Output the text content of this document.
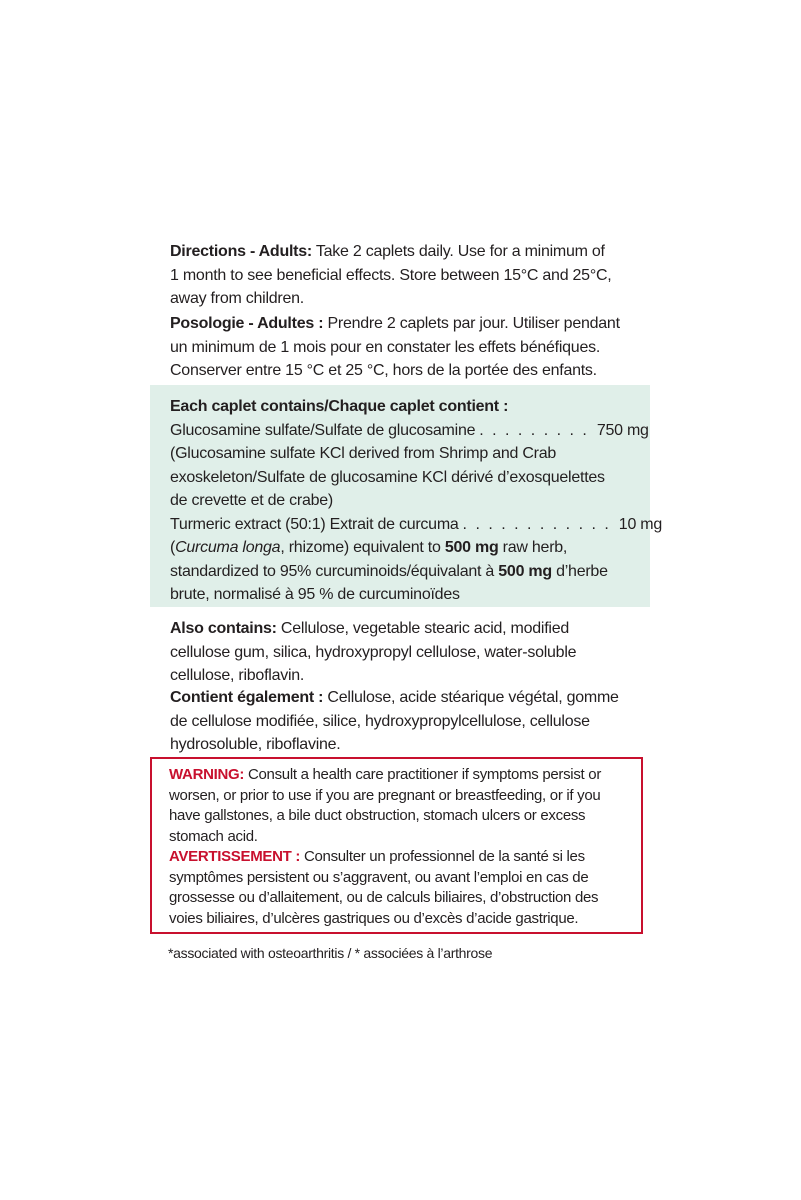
Directions - Adults: Take 2 caplets daily. Use for a minimum of
1 month to see beneficial effects. Store between 15°C and 25°C,
away from children.
Posologie - Adultes : Prendre 2 caplets par jour. Utiliser pendant
un minimum de 1 mois pour en constater les effets bénéfiques.
Conserver entre 15 °C et 25 °C, hors de la portée des enfants.
Each caplet contains/Chaque caplet contient :
Glucosamine sulfate/Sulfate de glucosamine . . . . . . . . . 750 mg
(Glucosamine sulfate KCl derived from Shrimp and Crab
exoskeleton/Sulfate de glucosamine KCl dérivé d’exosquelettes
de crevette et de crabe)
Turmeric extract (50:1) Extrait de curcuma . . . . . . . . . . . . 10 mg
(Curcuma longa, rhizome) equivalent to 500 mg raw herb,
standardized to 95% curcuminoids/équivalant à 500 mg d’herbe
brute, normalisé à 95 % de curcuminoïdes
Also contains: Cellulose, vegetable stearic acid, modified
cellulose gum, silica, hydroxypropyl cellulose, water-soluble
cellulose, riboflavin.
Contient également : Cellulose, acide stéarique végétal, gomme
de cellulose modifiée, silice, hydroxypropylcellulose, cellulose
hydrosoluble, riboflavine.
WARNING: Consult a health care practitioner if symptoms persist or
worsen, or prior to use if you are pregnant or breastfeeding, or if you
have gallstones, a bile duct obstruction, stomach ulcers or excess
stomach acid.
AVERTISSEMENT : Consulter un professionnel de la santé si les
symptômes persistent ou s’aggravent, ou avant l’emploi en cas de
grossesse ou d’allaitement, ou de calculs biliaires, d’obstruction des
voies biliaires, d’ulcères gastriques ou d’excès d’acide gastrique.
*associated with osteoarthritis / * associées à l’arthrose
